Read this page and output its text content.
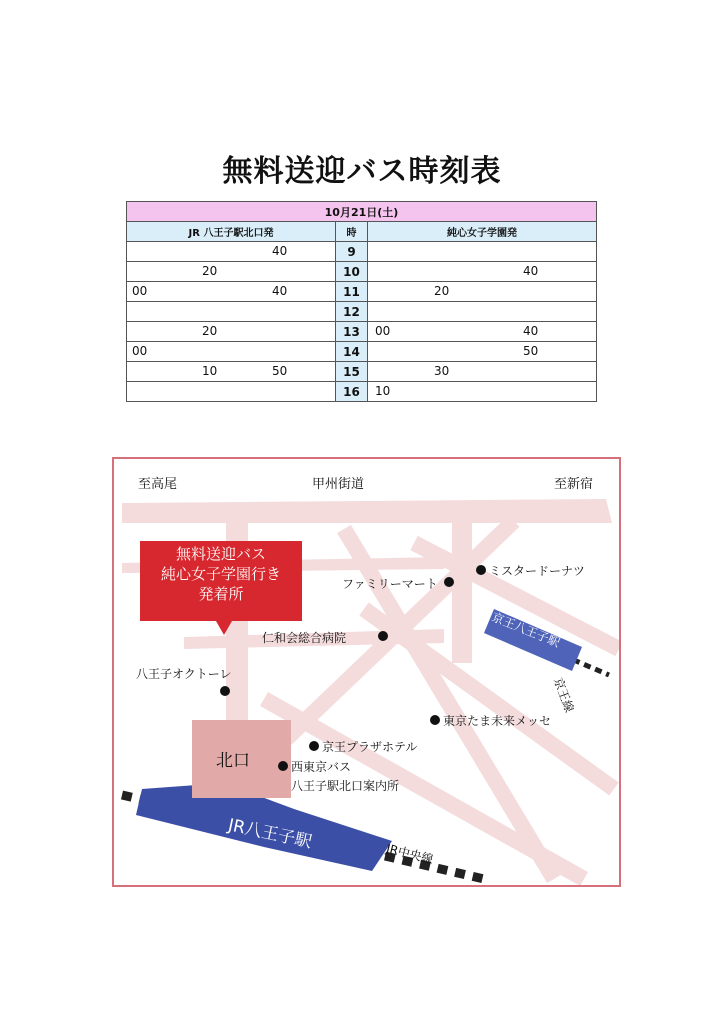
無料送迎バス時刻表
10月21日(土)		
JR 八王子駅北口発	時	純心女子学園発

40	9	

20	10	40

00 40	11	20

	12	

20	13	00 40

00	14	50

10 50	15	30

	16	10
至高尾	甲州街道	至新宿
無料送迎バス
純心女子学園行き
発着所
ミスタードーナツ
ファミリーマート
仁和会総合病院
八王子オクトーレ
京王八王子駅
京王線
東京たま未来メッセ
北口
京王プラザホテル
西東京バス
八王子駅北口案内所
JR八王子駅
JR中央線
